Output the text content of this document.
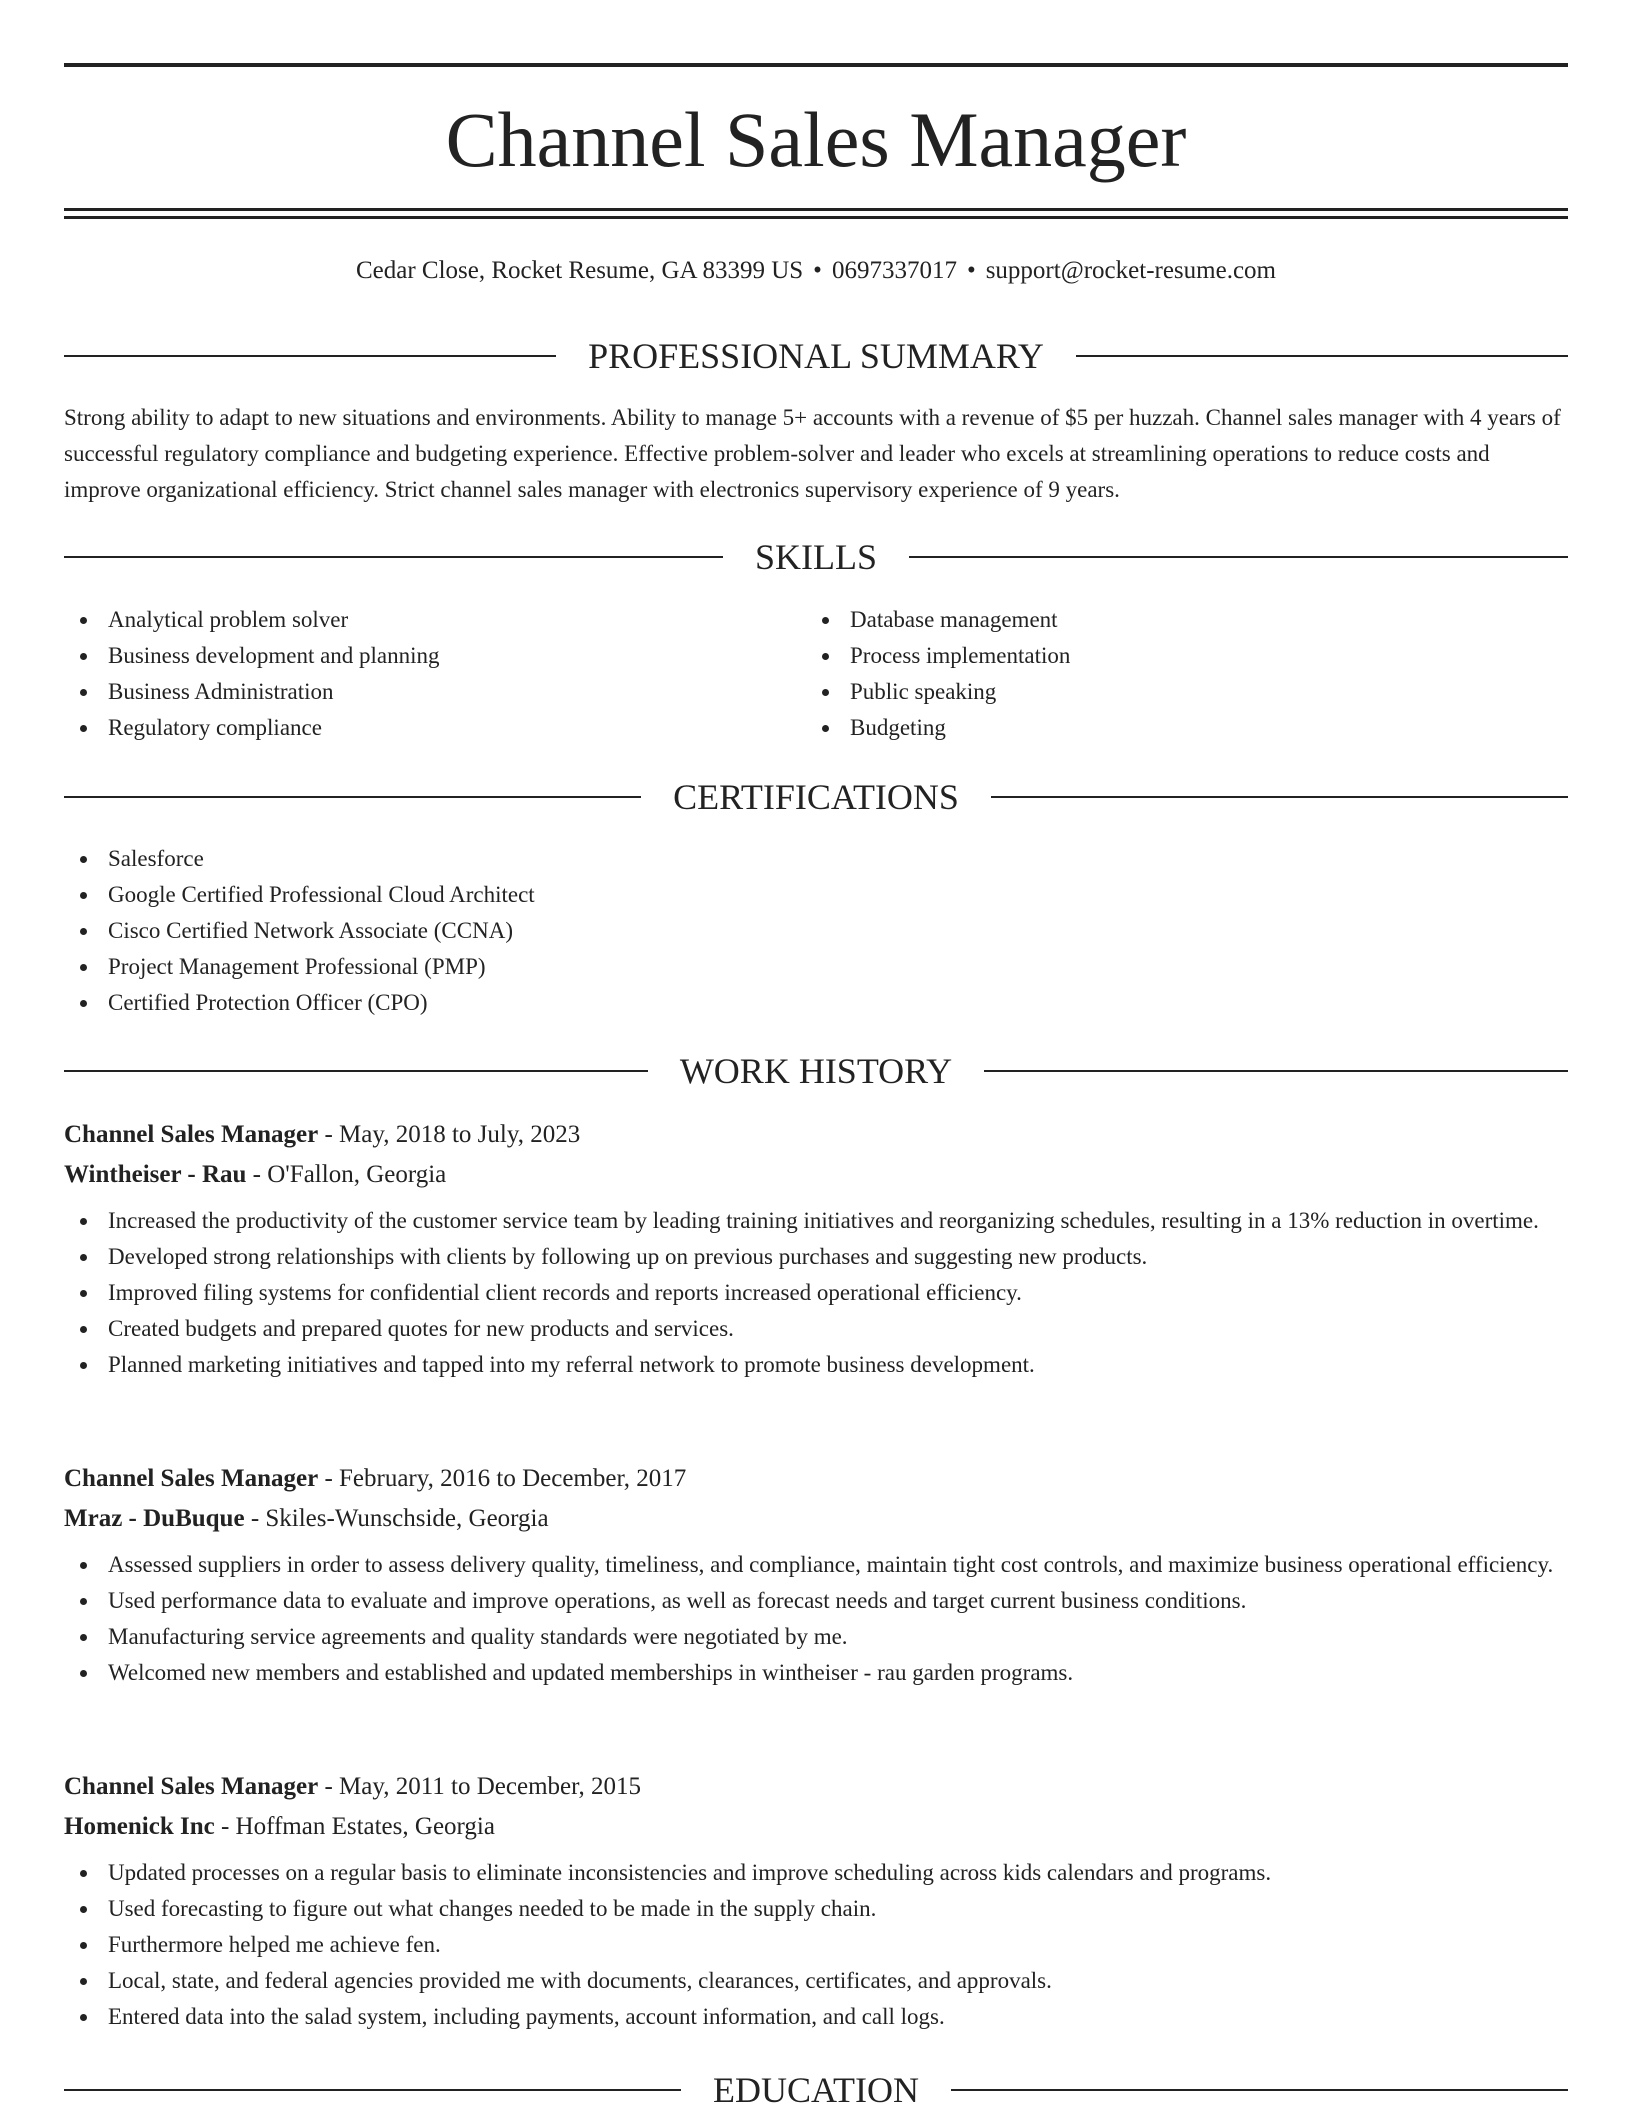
Channel Sales Manager
Cedar Close, Rocket Resume, GA 83399 US • 0697337017 • support@rocket-resume.com
PROFESSIONAL SUMMARY

Strong ability to adapt to new situations and environments. Ability to manage 5+ accounts with a revenue of $5 per huzzah. Channel sales manager with 4 years of successful regulatory compliance and budgeting experience. Effective problem-solver and leader who excels at streamlining operations to reduce costs and improve organizational efficiency. Strict channel sales manager with electronics supervisory experience of 9 years.

SKILLS
Analytical problem solver
Business development and planning
Business Administration
Regulatory compliance
Database management
Process implementation
Public speaking
Budgeting
CERTIFICATIONS
Salesforce
Google Certified Professional Cloud Architect
Cisco Certified Network Associate (CCNA)
Project Management Professional (PMP)
Certified Protection Officer (CPO)
WORK HISTORY
Channel Sales Manager - May, 2018 to July, 2023
Wintheiser - Rau - O'Fallon, Georgia
Increased the productivity of the customer service team by leading training initiatives and reorganizing schedules, resulting in a 13% reduction in overtime.
Developed strong relationships with clients by following up on previous purchases and suggesting new products.
Improved filing systems for confidential client records and reports increased operational efficiency.
Created budgets and prepared quotes for new products and services.
Planned marketing initiatives and tapped into my referral network to promote business development.
Channel Sales Manager - February, 2016 to December, 2017
Mraz - DuBuque - Skiles-Wunschside, Georgia
Assessed suppliers in order to assess delivery quality, timeliness, and compliance, maintain tight cost controls, and maximize business operational efficiency.
Used performance data to evaluate and improve operations, as well as forecast needs and target current business conditions.
Manufacturing service agreements and quality standards were negotiated by me.
Welcomed new members and established and updated memberships in wintheiser - rau garden programs.
Channel Sales Manager - May, 2011 to December, 2015
Homenick Inc - Hoffman Estates, Georgia
Updated processes on a regular basis to eliminate inconsistencies and improve scheduling across kids calendars and programs.
Used forecasting to figure out what changes needed to be made in the supply chain.
Furthermore helped me achieve fen.
Local, state, and federal agencies provided me with documents, clearances, certificates, and approvals.
Entered data into the salad system, including payments, account information, and call logs.
EDUCATION
